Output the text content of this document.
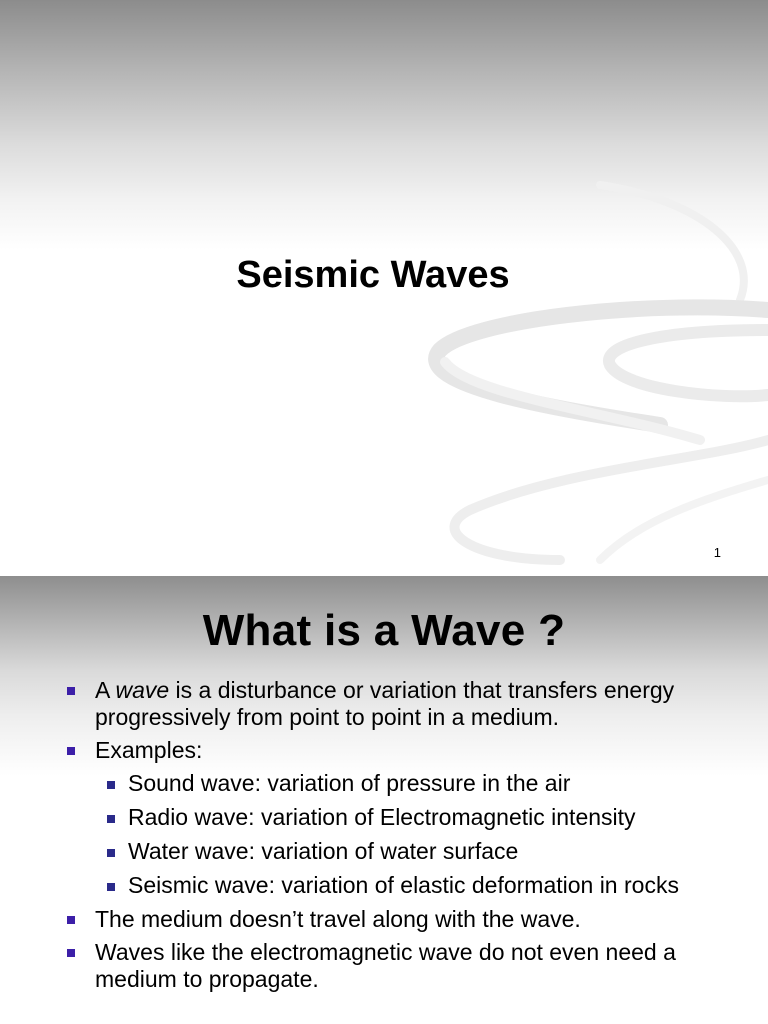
Seismic Waves
1
What is a Wave ?
A wave is a disturbance or variation that transfers energy progressively from point to point in a medium.
Examples:
Sound wave: variation of pressure in the air
Radio wave: variation of Electromagnetic intensity
Water wave: variation of water surface
Seismic wave: variation of elastic deformation in rocks
The medium doesn’t travel along with the wave.
Waves like the electromagnetic wave do not even need a medium to propagate.
